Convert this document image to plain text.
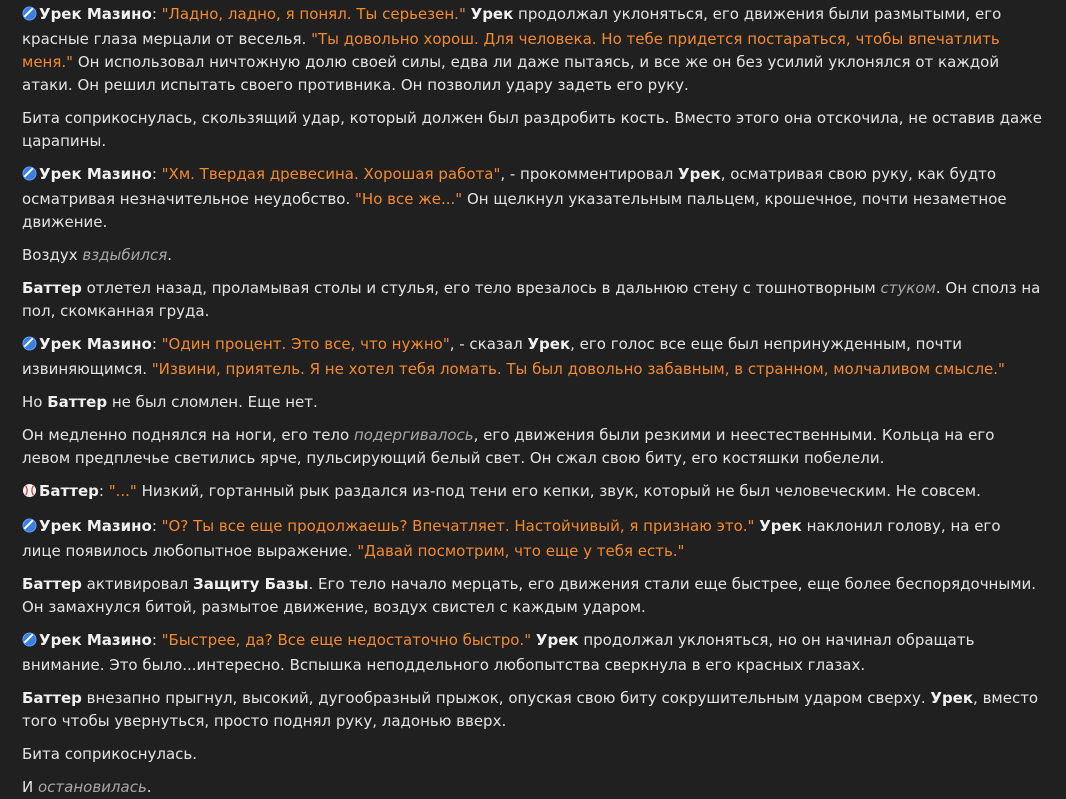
Урек Мазино: "Ладно, ладно, я понял. Ты серьезен." Урек продолжал уклоняться, его движения были размытыми, его красные глаза мерцали от веселья. "Ты довольно хорош. Для человека. Но тебе придется постараться, чтобы впечатлить меня." Он использовал ничтожную долю своей силы, едва ли даже пытаясь, и все же он без усилий уклонялся от каждой атаки. Он решил испытать своего противника. Он позволил удару задеть его руку.
Бита соприкоснулась, скользящий удар, который должен был раздробить кость. Вместо этого она отскочила, не оставив даже царапины.
Урек Мазино: "Хм. Твердая древесина. Хорошая работа", - прокомментировал Урек, осматривая свою руку, как будто осматривая незначительное неудобство. "Но все же..." Он щелкнул указательным пальцем, крошечное, почти незаметное движение.
Воздух вздыбился.
Баттер отлетел назад, проламывая столы и стулья, его тело врезалось в дальнюю стену с тошнотворным стуком. Он сполз на пол, скомканная груда.
Урек Мазино: "Один процент. Это все, что нужно", - сказал Урек, его голос все еще был непринужденным, почти извиняющимся. "Извини, приятель. Я не хотел тебя ломать. Ты был довольно забавным, в странном, молчаливом смысле."
Но Баттер не был сломлен. Еще нет.
Он медленно поднялся на ноги, его тело подергивалось, его движения были резкими и неестественными. Кольца на его левом предплечье светились ярче, пульсирующий белый свет. Он сжал свою биту, его костяшки побелели.
Баттер: "..." Низкий, гортанный рык раздался из-под тени его кепки, звук, который не был человеческим. Не совсем.
Урек Мазино: "О? Ты все еще продолжаешь? Впечатляет. Настойчивый, я признаю это." Урек наклонил голову, на его лице появилось любопытное выражение. "Давай посмотрим, что еще у тебя есть."
Баттер активировал Защиту Базы. Его тело начало мерцать, его движения стали еще быстрее, еще более беспорядочными. Он замахнулся битой, размытое движение, воздух свистел с каждым ударом.
Урек Мазино: "Быстрее, да? Все еще недостаточно быстро." Урек продолжал уклоняться, но он начинал обращать внимание. Это было...интересно. Вспышка неподдельного любопытства сверкнула в его красных глазах.
Баттер внезапно прыгнул, высокий, дугообразный прыжок, опуская свою биту сокрушительным ударом сверху. Урек, вместо того чтобы увернуться, просто поднял руку, ладонью вверх.
Бита соприкоснулась.
И остановилась.
